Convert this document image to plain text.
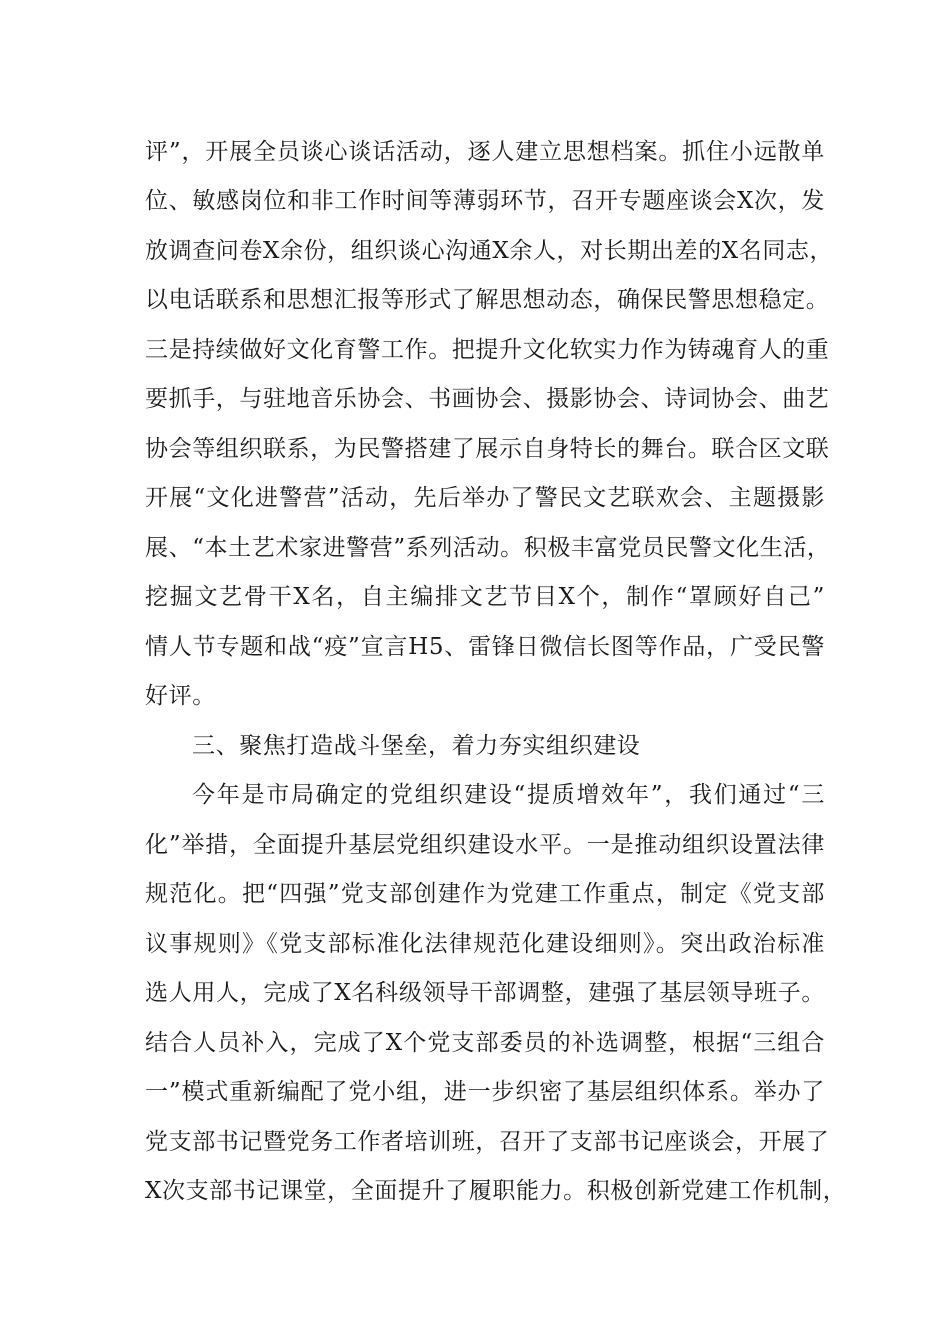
评”，开展全员谈心谈话活动，逐人建立思想档案。抓住小远散单
位、敏感岗位和非工作时间等薄弱环节，召开专题座谈会X次，发
放调查问卷X余份，组织谈心沟通X余人，对长期出差的X名同志，
以电话联系和思想汇报等形式了解思想动态，确保民警思想稳定。
三是持续做好文化育警工作。把提升文化软实力作为铸魂育人的重
要抓手，与驻地音乐协会、书画协会、摄影协会、诗词协会、曲艺
协会等组织联系，为民警搭建了展示自身特长的舞台。联合区文联
开展“文化进警营”活动，先后举办了警民文艺联欢会、主题摄影
展、“本土艺术家进警营”系列活动。积极丰富党员民警文化生活，
挖掘文艺骨干X名，自主编排文艺节目X个，制作“罩顾好自己”
情人节专题和战“疫”宣言H5、雷锋日微信长图等作品，广受民警
好评。
三、聚焦打造战斗堡垒，着力夯实组织建设
今年是市局确定的党组织建设“提质增效年”，我们通过“三
化”举措，全面提升基层党组织建设水平。一是推动组织设置法律
规范化。把“四强”党支部创建作为党建工作重点，制定《党支部
议事规则》《党支部标准化法律规范化建设细则》。突出政治标准
选人用人，完成了X名科级领导干部调整，建强了基层领导班子。
结合人员补入，完成了X个党支部委员的补选调整，根据“三组合
一”模式重新编配了党小组，进一步织密了基层组织体系。举办了
党支部书记暨党务工作者培训班，召开了支部书记座谈会，开展了
X次支部书记课堂，全面提升了履职能力。积极创新党建工作机制，
